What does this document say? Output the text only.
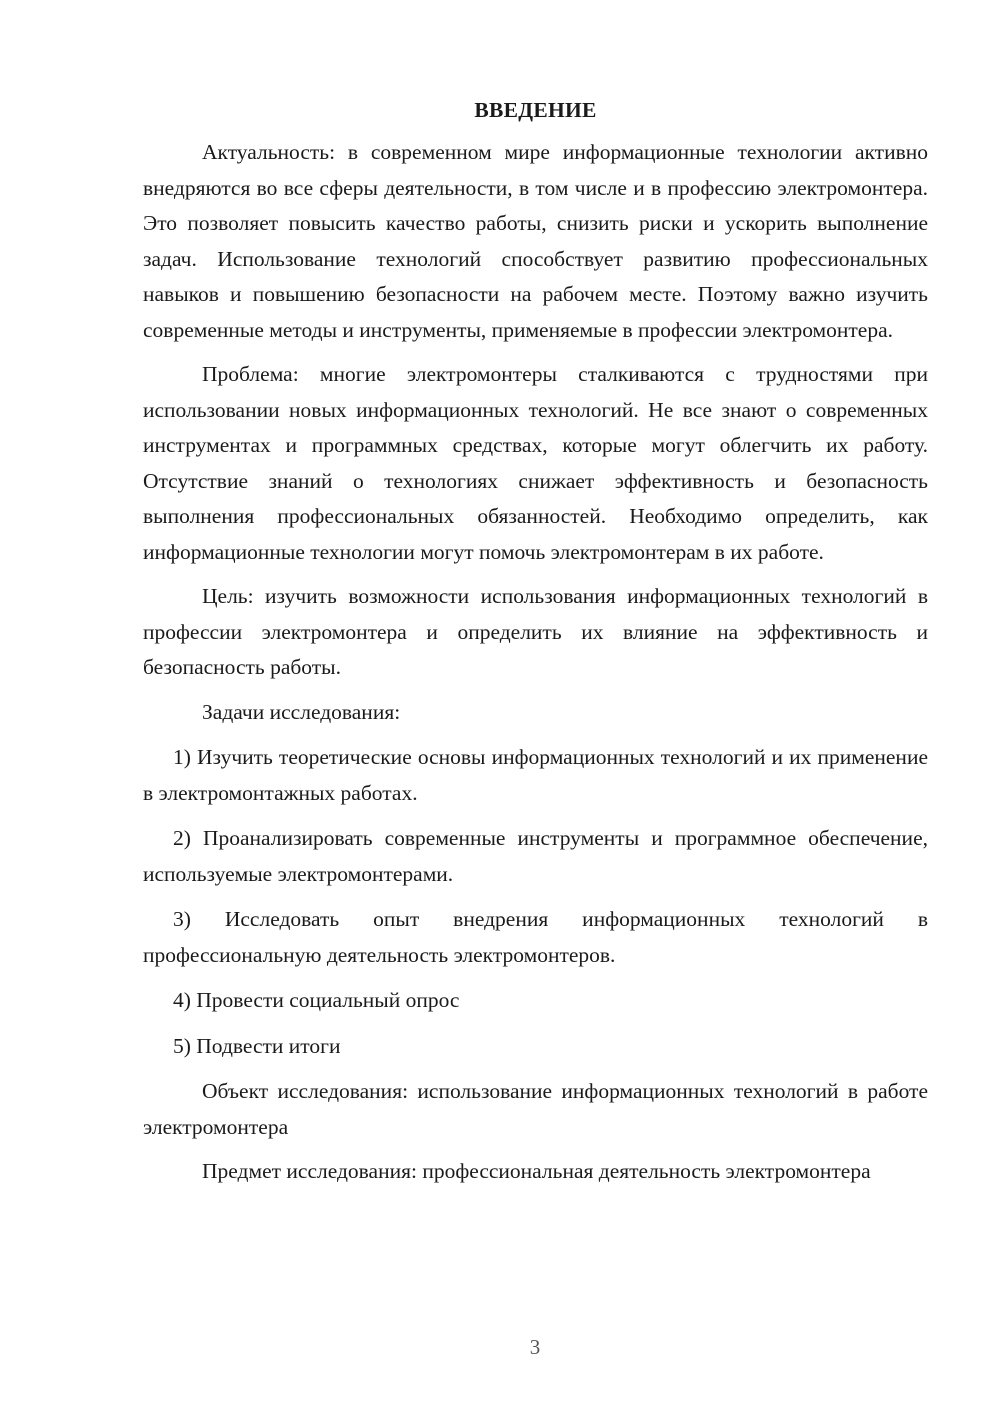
ВВЕДЕНИЕ

Актуальность: в современном мире информационные технологии активно внедряются во все сферы деятельности, в том числе и в профессию электромонтера. Это позволяет повысить качество работы, снизить риски и ускорить выполнение задач. Использование технологий способствует развитию профессиональных навыков и повышению безопасности на рабочем месте. Поэтому важно изучить современные методы и инструменты, применяемые в профессии электромонтера.

Проблема: многие электромонтеры сталкиваются с трудностями при использовании новых информационных технологий. Не все знают о современных инструментах и программных средствах, которые могут облегчить их работу. Отсутствие знаний о технологиях снижает эффективность и безопасность выполнения профессиональных обязанностей. Необходимо определить, как информационные технологии могут помочь электромонтерам в их работе.

Цель: изучить возможности использования информационных технологий в профессии электромонтера и определить их влияние на эффективность и безопасность работы.

Задачи исследования:

1) Изучить теоретические основы информационных технологий и их применение в электромонтажных работах.

2) Проанализировать современные инструменты и программное обеспечение, используемые электромонтерами.

3) Исследовать опыт внедрения информационных технологий в профессиональную деятельность электромонтеров.

4) Провести социальный опрос

5) Подвести итоги

Объект исследования: использование информационных технологий в работе электромонтера

Предмет исследования: профессиональная деятельность электромонтера

3
